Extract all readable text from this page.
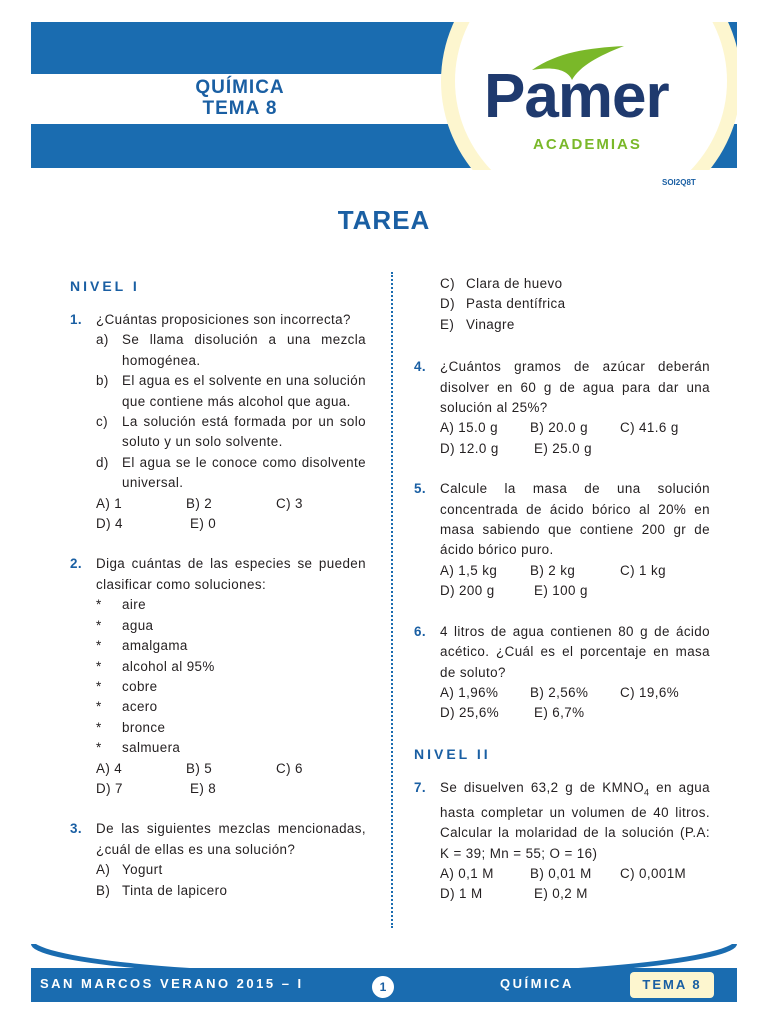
QUÍMICA
TEMA 8	Pamer
ACADEMIAS
SOI2Q8T
TAREA
NIVEL I
1. ¿Cuántas proposiciones son incorrecta?
a) Se llama disolución a una mezcla homogénea.
b) El agua es el solvente en una solución que contiene más alcohol que agua.
c) La solución está formada por un solo soluto y un solo solvente.
d) El agua se le conoce como disolvente universal.
A) 1	B) 2	C) 3
D) 4	E) 0
2. Diga cuántas de las especies se pueden clasificar como soluciones:
* aire
* agua
* amalgama
* alcohol al 95%
* cobre
* acero
* bronce
* salmuera
A) 4	B) 5	C) 6
D) 7	E) 8
3. De las siguientes mezclas mencionadas, ¿cuál de ellas es una solución?
A) Yogurt
B) Tinta de lapicero
C) Clara de huevo
D) Pasta dentífrica
E) Vinagre
4. ¿Cuántos gramos de azúcar deberán disolver en 60 g de agua para dar una solución al 25%?
A) 15.0 g	B) 20.0 g	C) 41.6 g
D) 12.0 g	E) 25.0 g
5. Calcule la masa de una solución concentrada de ácido bórico al 20% en masa sabiendo que contiene 200 gr de ácido bórico puro.
A) 1,5 kg	B) 2 kg	C) 1 kg
D) 200 g	E) 100 g
6. 4 litros de agua contienen 80 g de ácido acético. ¿Cuál es el porcentaje en masa de soluto?
A) 1,96%	B) 2,56%	C) 19,6%
D) 25,6%	E) 6,7%
NIVEL II
7. Se disuelven 63,2 g de $KMNO_4$ en agua hasta completar un volumen de 40 litros. Calcular la molaridad de la solución (P.A: K = 39; Mn = 55; O = 16)
A) 0,1 M	B) 0,01 M	C) 0,001M
D) 1 M	E) 0,2 M
SAN MARCOS VERANO 2015 – I	1	QUÍMICA	TEMA 8
